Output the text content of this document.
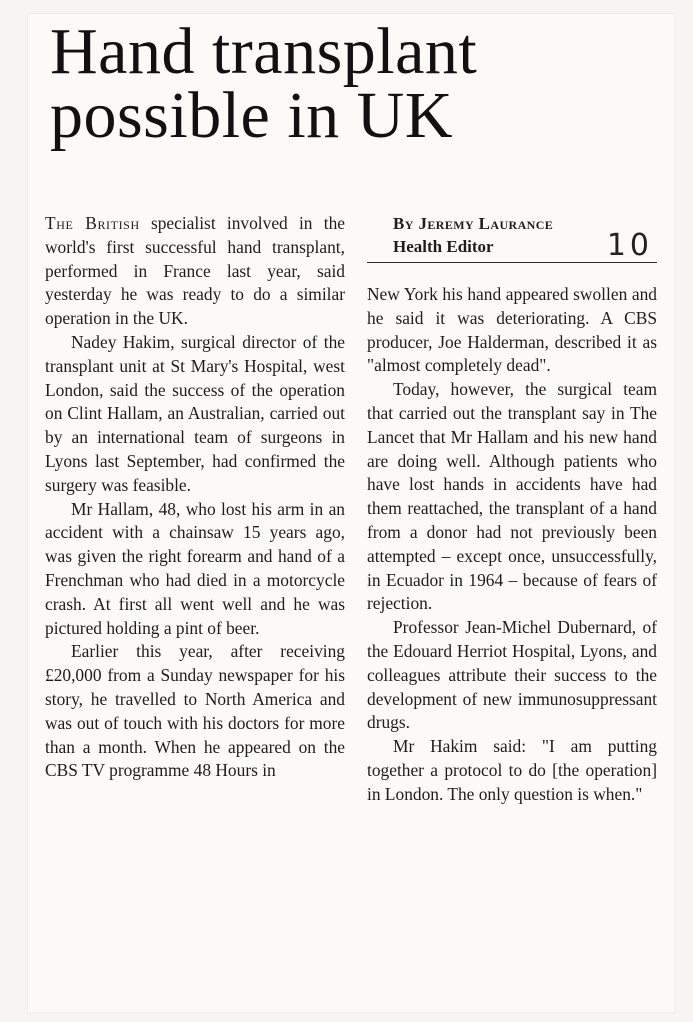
Hand transplant possible in UK

The British specialist involved in the world's first successful hand transplant, performed in France last year, said yesterday he was ready to do a similar operation in the UK.

Nadey Hakim, surgical director of the transplant unit at St Mary's Hospital, west London, said the success of the operation on Clint Hallam, an Australian, carried out by an international team of surgeons in Lyons last September, had confirmed the surgery was feasible.

Mr Hallam, 48, who lost his arm in an accident with a chainsaw 15 years ago, was given the right forearm and hand of a Frenchman who had died in a motorcycle crash. At first all went well and he was pictured holding a pint of beer.

Earlier this year, after receiving £20,000 from a Sunday newspaper for his story, he travelled to North America and was out of touch with his doctors for more than a month. When he appeared on the CBS TV programme 48 Hours in

By Jeremy Laurance

Health Editor	10

New York his hand appeared swollen and he said it was deteriorating. A CBS producer, Joe Halderman, described it as "almost completely dead".

Today, however, the surgical team that carried out the transplant say in The Lancet that Mr Hallam and his new hand are doing well. Although patients who have lost hands in accidents have had them reattached, the transplant of a hand from a donor had not previously been attempted – except once, unsuccessfully, in Ecuador in 1964 – because of fears of rejection.

Professor Jean-Michel Dubernard, of the Edouard Herriot Hospital, Lyons, and colleagues attribute their success to the development of new immunosuppressant drugs.

Mr Hakim said: "I am putting together a protocol to do [the operation] in London. The only question is when."
